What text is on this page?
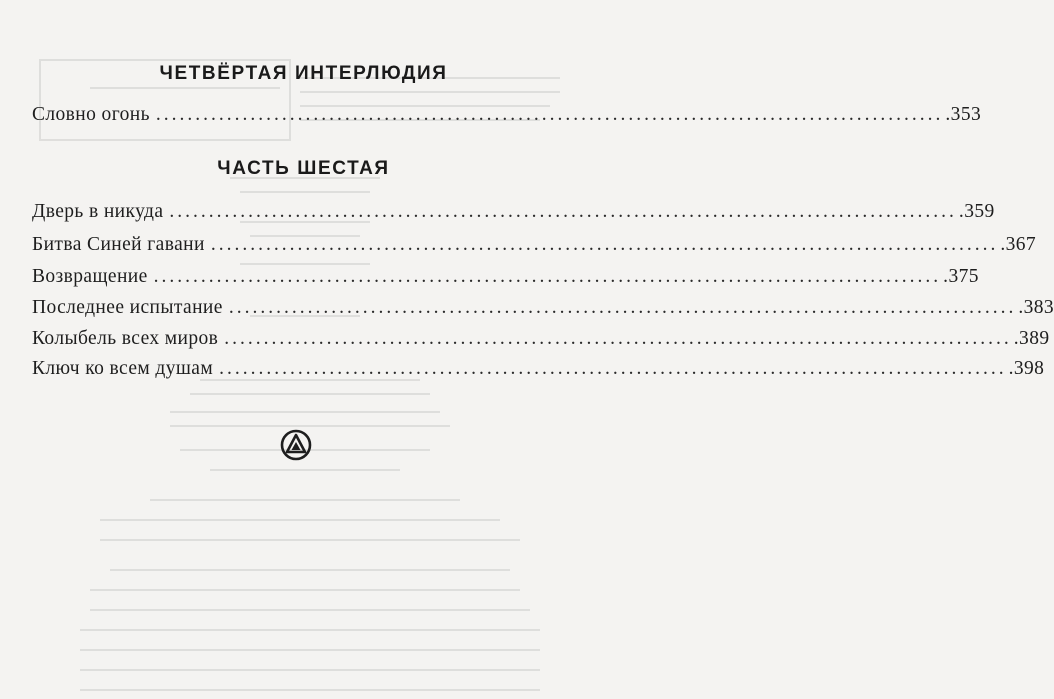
ЧЕТВЁРТАЯ ИНТЕРЛЮДИЯ
Словно огонь .................................................................................................... .353
ЧАСТЬ ШЕСТАЯ
Дверь в никуда .................................................................................................... .359
Битва Синей гавани .................................................................................................... .367
Возвращение .................................................................................................... .375
Последнее испытание .................................................................................................... .383
Колыбель всех миров .................................................................................................... .389
Ключ ко всем душам .................................................................................................... .398
